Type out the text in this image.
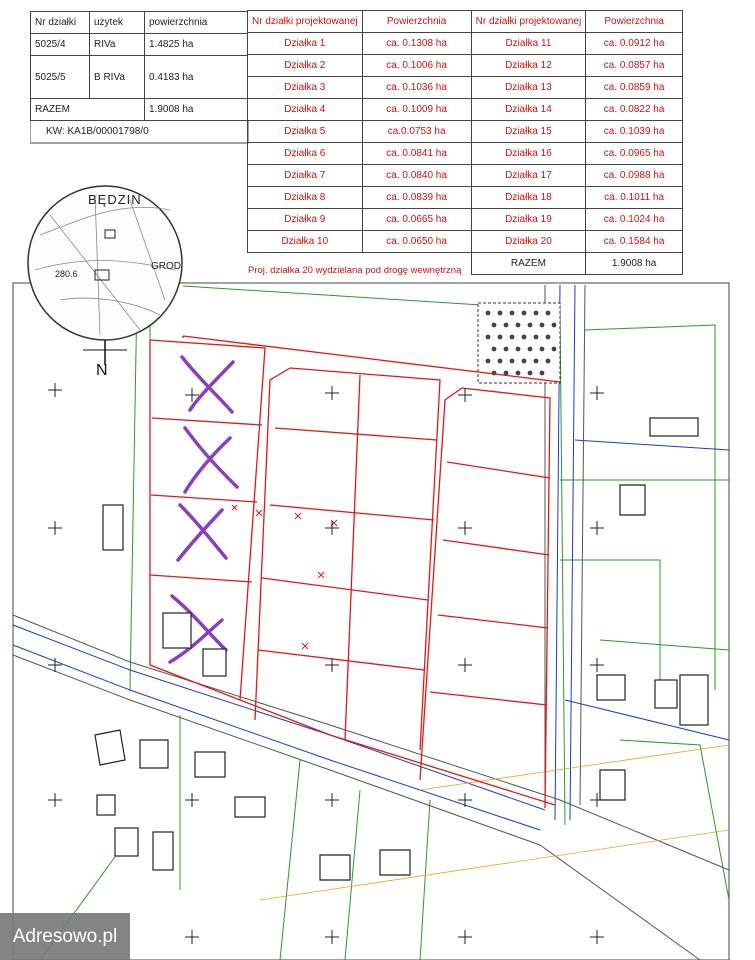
BĘDZIN
GROD
280.6
N
Nr działki	użytek	powierzchnia
5025/4	RIVa	1.4825 ha
5025/5	B RIVa	0.4183 ha
RAZEM		1.9008 ha
KW: KA1B/00001798/0
Nr działki projektowanej	Powierzchnia	Nr działki projektowanej	Powierzchnia
Działka 1	ca. 0.1308 ha	Działka 11	ca. 0.0912 ha
Działka 2	ca. 0.1006 ha	Działka 12	ca. 0.0857 ha
Działka 3	ca. 0.1036 ha	Działka 13	ca. 0.0859 ha
Działka 4	ca. 0.1009 ha	Działka 14	ca. 0.0822 ha
Działka 5	ca.0.0753 ha	Działka 15	ca. 0.1039 ha
Działka 6	ca. 0.0841 ha	Działka 16	ca. 0.0965 ha
Działka 7	ca. 0.0840 ha	Działka 17	ca. 0.0988 ha
Działka 8	ca. 0.0839 ha	Działka 18	ca. 0.1011 ha
Działka 9	ca. 0.0665 ha	Działka 19	ca. 0.1024 ha
Działka 10	ca. 0.0650 ha	Działka 20	ca. 0.1584 ha
		RAZEM	1.9008 ha
Proj. działka 20 wydzielana pod drogę wewnętrzną
Adresowo.pl
